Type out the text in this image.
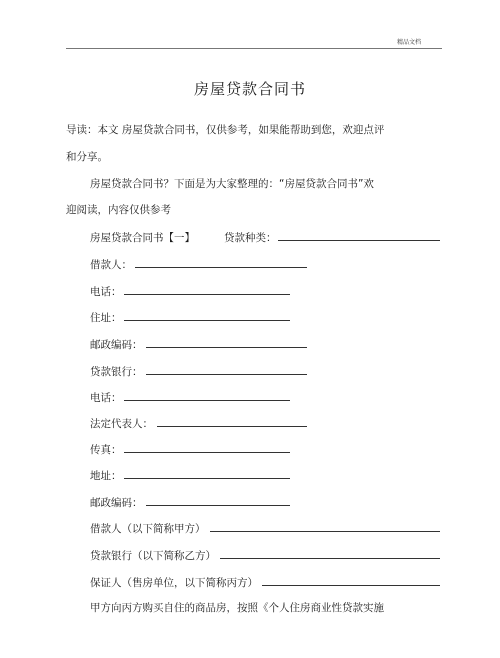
精品文档
房屋贷款合同书
导读：本文 房屋贷款合同书，仅供参考，如果能帮助到您，欢迎点评
和分享。
房屋贷款合同书？下面是为大家整理的：“房屋贷款合同书”欢
迎阅读，内容仅供参考
房屋贷款合同书【一】	贷款种类：
借款人：
电话：
住址：
邮政编码：
贷款银行：
电话：
法定代表人：
传真：
地址：
邮政编码：
借款人（以下简称甲方）
贷款银行（以下简称乙方）
保证人（售房单位，以下简称丙方）
甲方向丙方购买自住的商品房，按照《个人住房商业性贷款实施
